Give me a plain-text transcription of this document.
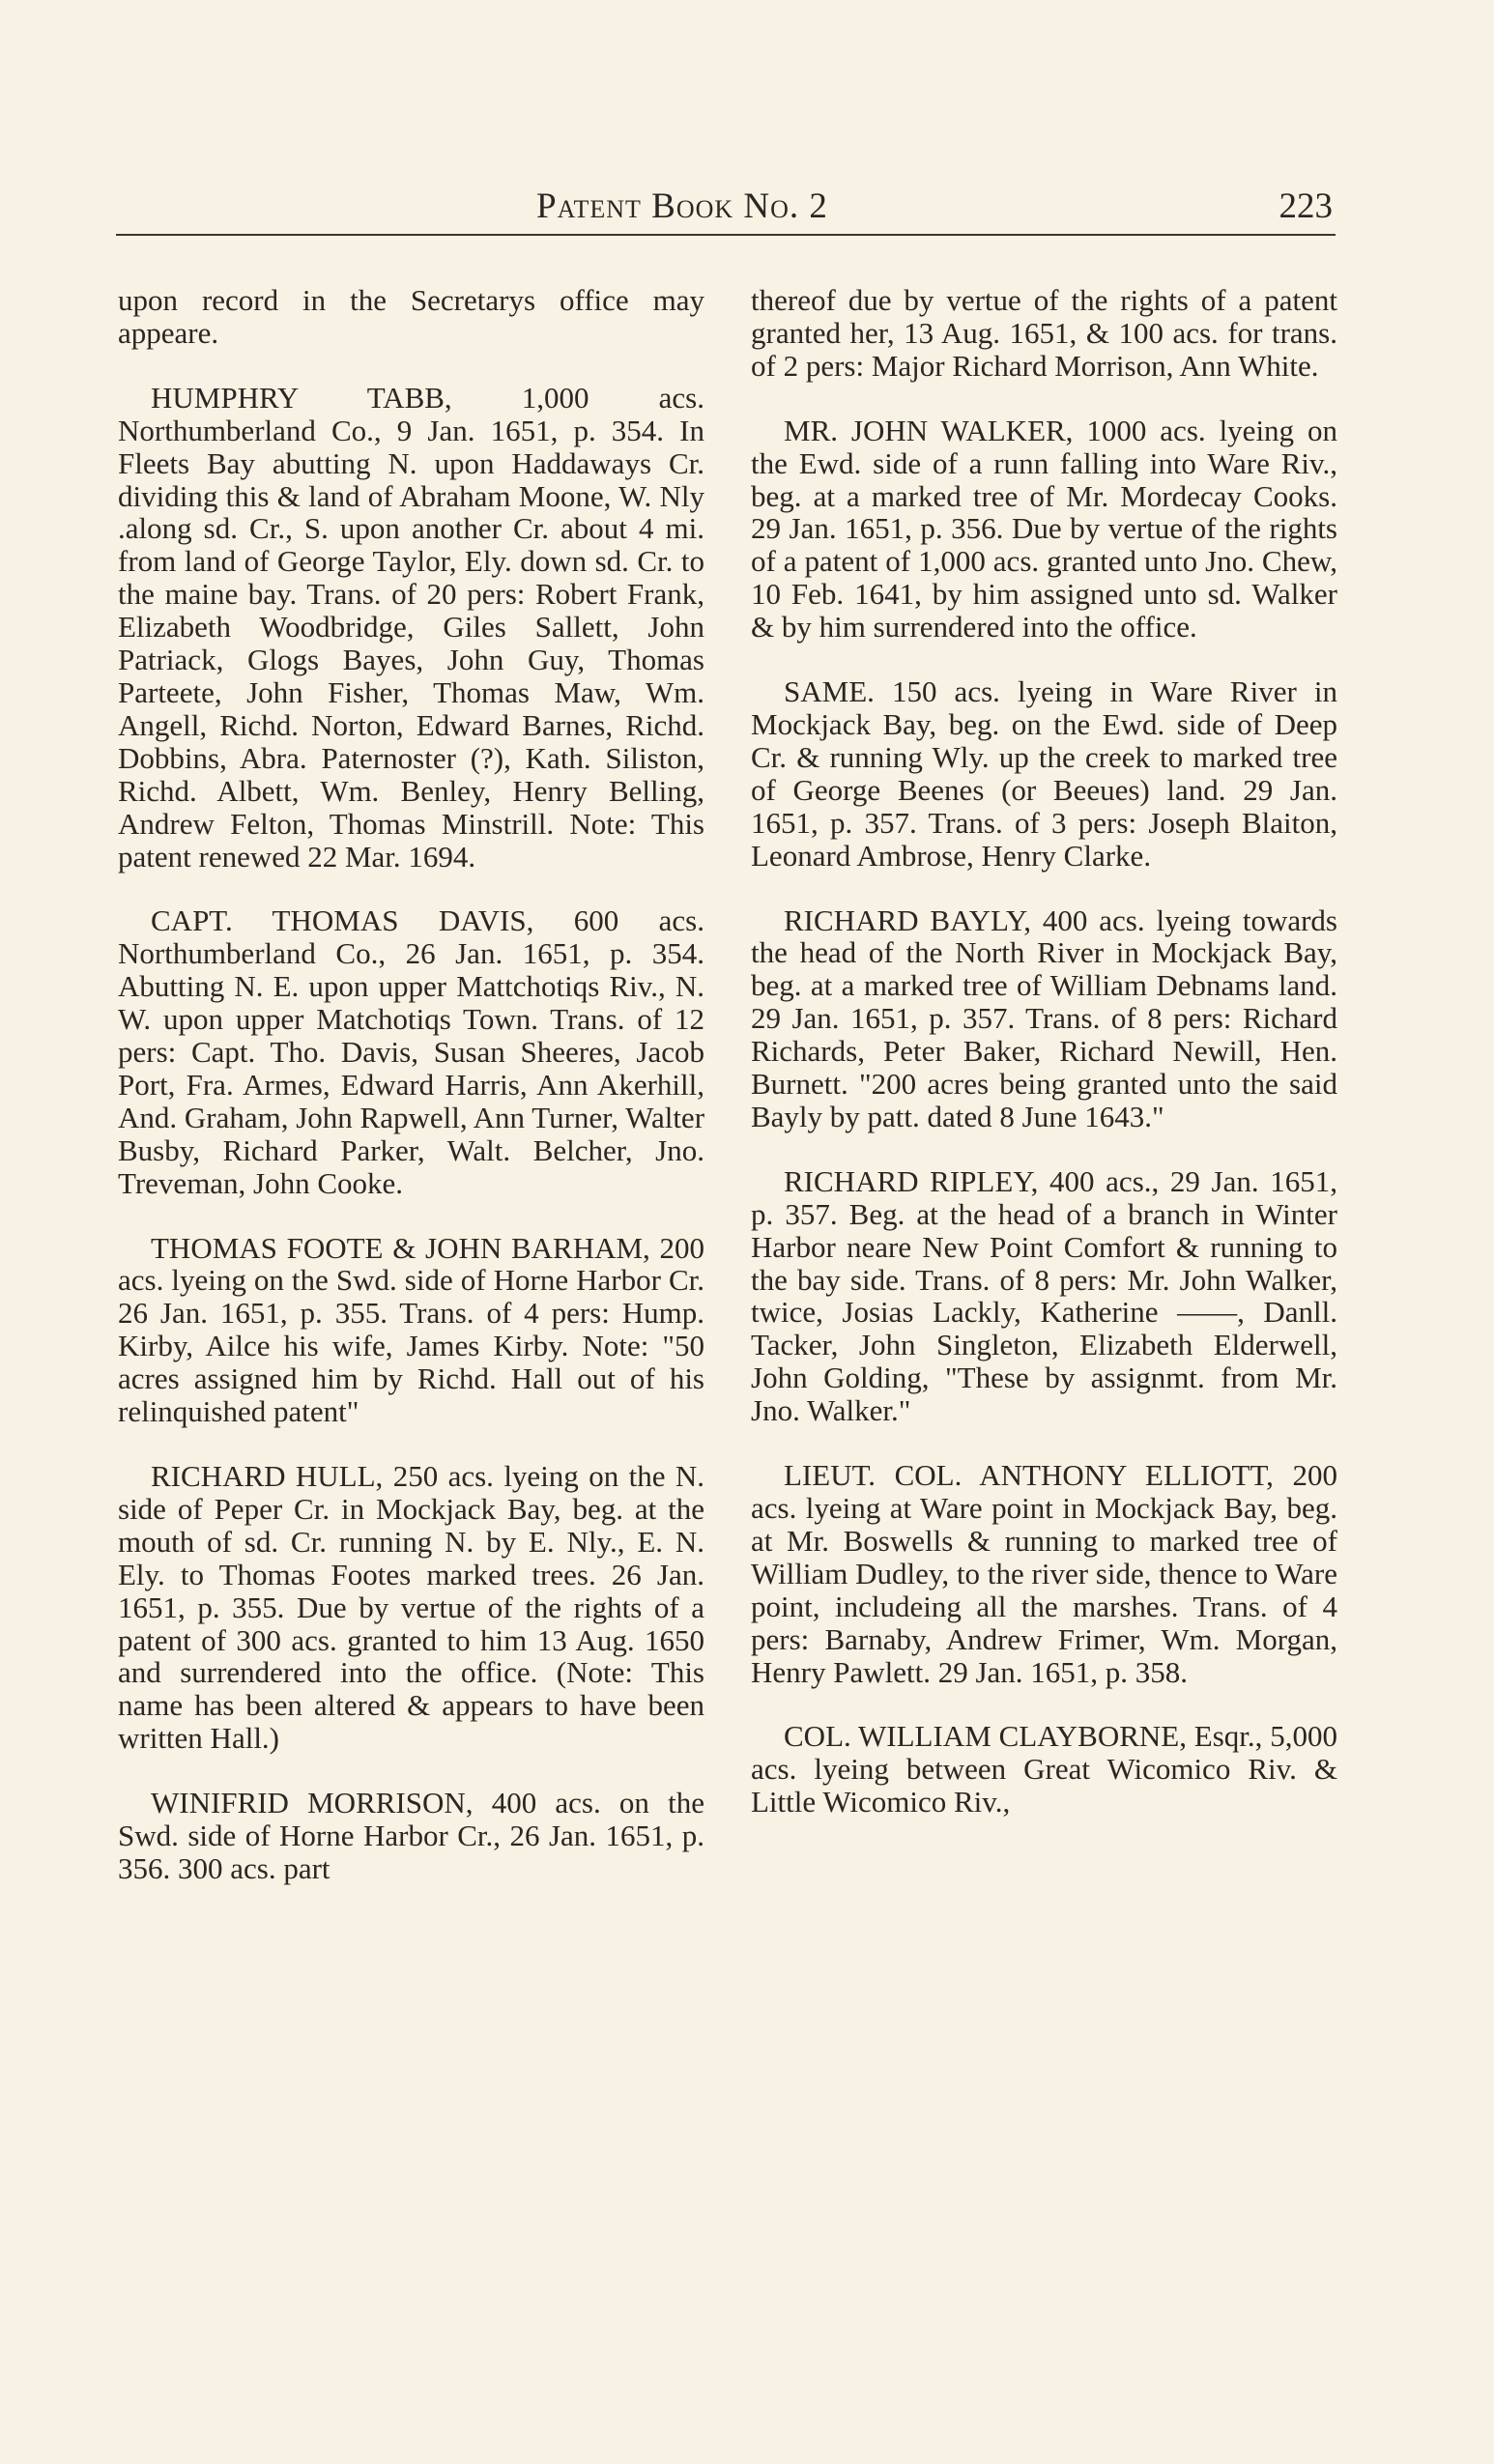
Patent Book No. 2	223

upon record in the Secretarys office may appeare.

HUMPHRY TABB, 1,000 acs. Northumberland Co., 9 Jan. 1651, p. 354. In Fleets Bay abutting N. upon Haddaways Cr. dividing this & land of Abraham Moone, W. Nly .along sd. Cr., S. upon another Cr. about 4 mi. from land of George Taylor, Ely. down sd. Cr. to the maine bay. Trans. of 20 pers: Robert Frank, Elizabeth Woodbridge, Giles Sallett, John Patriack, Glogs Bayes, John Guy, Thomas Parteete, John Fisher, Thomas Maw, Wm. Angell, Richd. Norton, Edward Barnes, Richd. Dobbins, Abra. Paternoster (?), Kath. Siliston, Richd. Albett, Wm. Benley, Henry Belling, Andrew Felton, Thomas Minstrill. Note: This patent renewed 22 Mar. 1694.

CAPT. THOMAS DAVIS, 600 acs. Northumberland Co., 26 Jan. 1651, p. 354. Abutting N. E. upon upper Mattchotiqs Riv., N. W. upon upper Matchotiqs Town. Trans. of 12 pers: Capt. Tho. Davis, Susan Sheeres, Jacob Port, Fra. Armes, Edward Harris, Ann Akerhill, And. Graham, John Rapwell, Ann Turner, Walter Busby, Richard Parker, Walt. Belcher, Jno. Treveman, John Cooke.

THOMAS FOOTE & JOHN BARHAM, 200 acs. lyeing on the Swd. side of Horne Harbor Cr. 26 Jan. 1651, p. 355. Trans. of 4 pers: Hump. Kirby, Ailce his wife, James Kirby. Note: "50 acres assigned him by Richd. Hall out of his relinquished patent"

RICHARD HULL, 250 acs. lyeing on the N. side of Peper Cr. in Mockjack Bay, beg. at the mouth of sd. Cr. running N. by E. Nly., E. N. Ely. to Thomas Footes marked trees. 26 Jan. 1651, p. 355. Due by vertue of the rights of a patent of 300 acs. granted to him 13 Aug. 1650 and surrendered into the office. (Note: This name has been altered & appears to have been written Hall.)

WINIFRID MORRISON, 400 acs. on the Swd. side of Horne Harbor Cr., 26 Jan. 1651, p. 356. 300 acs. part

thereof due by vertue of the rights of a patent granted her, 13 Aug. 1651, & 100 acs. for trans. of 2 pers: Major Richard Morrison, Ann White.

MR. JOHN WALKER, 1000 acs. lyeing on the Ewd. side of a runn falling into Ware Riv., beg. at a marked tree of Mr. Mordecay Cooks. 29 Jan. 1651, p. 356. Due by vertue of the rights of a patent of 1,000 acs. granted unto Jno. Chew, 10 Feb. 1641, by him assigned unto sd. Walker & by him surrendered into the office.

SAME. 150 acs. lyeing in Ware River in Mockjack Bay, beg. on the Ewd. side of Deep Cr. & running Wly. up the creek to marked tree of George Beenes (or Beeues) land. 29 Jan. 1651, p. 357. Trans. of 3 pers: Joseph Blaiton, Leonard Ambrose, Henry Clarke.

RICHARD BAYLY, 400 acs. lyeing towards the head of the North River in Mockjack Bay, beg. at a marked tree of William Debnams land. 29 Jan. 1651, p. 357. Trans. of 8 pers: Richard Richards, Peter Baker, Richard Newill, Hen. Burnett. "200 acres being granted unto the said Bayly by patt. dated 8 June 1643."

RICHARD RIPLEY, 400 acs., 29 Jan. 1651, p. 357. Beg. at the head of a branch in Winter Harbor neare New Point Comfort & running to the bay side. Trans. of 8 pers: Mr. John Walker, twice, Josias Lackly, Katherine ——, Danll. Tacker, John Singleton, Elizabeth Elderwell, John Golding, "These by assignmt. from Mr. Jno. Walker."

LIEUT. COL. ANTHONY ELLIOTT, 200 acs. lyeing at Ware point in Mockjack Bay, beg. at Mr. Boswells & running to marked tree of William Dudley, to the river side, thence to Ware point, includeing all the marshes. Trans. of 4 pers: Barnaby, Andrew Frimer, Wm. Morgan, Henry Pawlett. 29 Jan. 1651, p. 358.

COL. WILLIAM CLAYBORNE, Esqr., 5,000 acs. lyeing between Great Wicomico Riv. & Little Wicomico Riv.,
